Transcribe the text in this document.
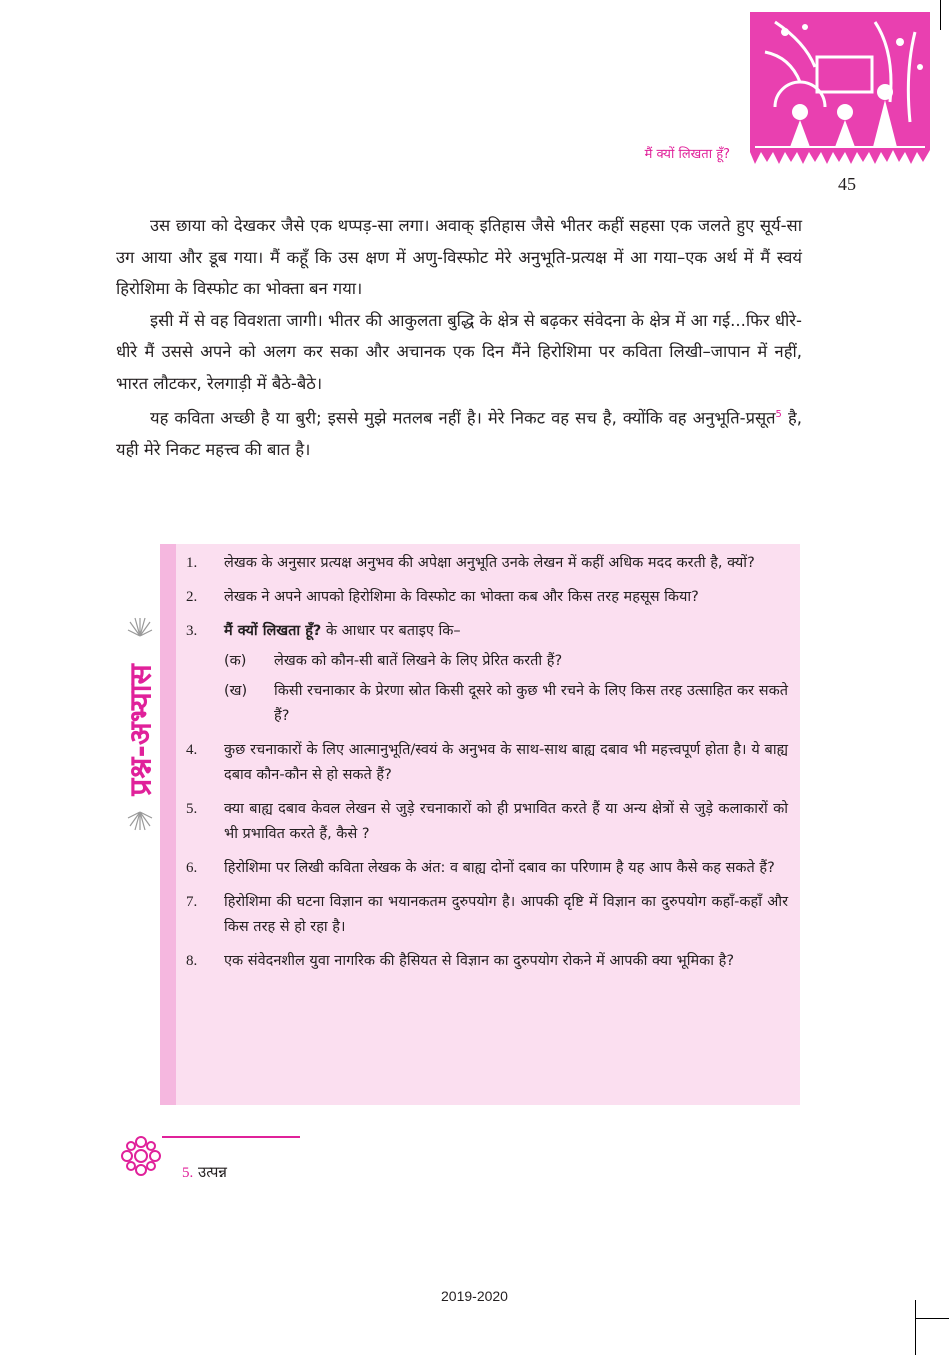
मैं क्यों लिखता हूँ?
45

उस छाया को देखकर जैसे एक थप्पड़-सा लगा। अवाक् इतिहास जैसे भीतर कहीं सहसा एक जलते हुए सूर्य-सा उग आया और डूब गया। मैं कहूँ कि उस क्षण में अणु-विस्फोट मेरे अनुभूति-प्रत्यक्ष में आ गया–एक अर्थ में मैं स्वयं हिरोशिमा के विस्फोट का भोक्ता बन गया।

इसी में से वह विवशता जागी। भीतर की आकुलता बुद्धि के क्षेत्र से बढ़कर संवेदना के क्षेत्र में आ गई...फिर धीरे-धीरे मैं उससे अपने को अलग कर सका और अचानक एक दिन मैंने हिरोशिमा पर कविता लिखी–जापान में नहीं, भारत लौटकर, रेलगाड़ी में बैठे-बैठे।

यह कविता अच्छी है या बुरी; इससे मुझे मतलब नहीं है। मेरे निकट वह सच है, क्योंकि वह अनुभूति-प्रसूत$^5$ है, यही मेरे निकट महत्त्व की बात है।

प्रश्न-अभ्यास
1. लेखक के अनुसार प्रत्यक्ष अनुभव की अपेक्षा अनुभूति उनके लेखन में कहीं अधिक मदद करती है, क्यों?
2. लेखक ने अपने आपको हिरोशिमा के विस्फोट का भोक्ता कब और किस तरह महसूस किया?
3. मैं क्यों लिखता हूँ? के आधार पर बताइए कि–
(क) लेखक को कौन-सी बातें लिखने के लिए प्रेरित करती हैं?
(ख) किसी रचनाकार के प्रेरणा स्रोत किसी दूसरे को कुछ भी रचने के लिए किस तरह उत्साहित कर सकते हैं?
4. कुछ रचनाकारों के लिए आत्मानुभूति/स्वयं के अनुभव के साथ-साथ बाह्य दबाव भी महत्त्वपूर्ण होता है। ये बाह्य दबाव कौन-कौन से हो सकते हैं?
5. क्या बाह्य दबाव केवल लेखन से जुड़े रचनाकारों को ही प्रभावित करते हैं या अन्य क्षेत्रों से जुड़े कलाकारों को भी प्रभावित करते हैं, कैसे ?
6. हिरोशिमा पर लिखी कविता लेखक के अंत: व बाह्य दोनों दबाव का परिणाम है यह आप कैसे कह सकते हैं?
7. हिरोशिमा की घटना विज्ञान का भयानकतम दुरुपयोग है। आपकी दृष्टि में विज्ञान का दुरुपयोग कहाँ-कहाँ और किस तरह से हो रहा है।
8. एक संवेदनशील युवा नागरिक की हैसियत से विज्ञान का दुरुपयोग रोकने में आपकी क्या भूमिका है?
5. उत्पन्न
2019-2020
